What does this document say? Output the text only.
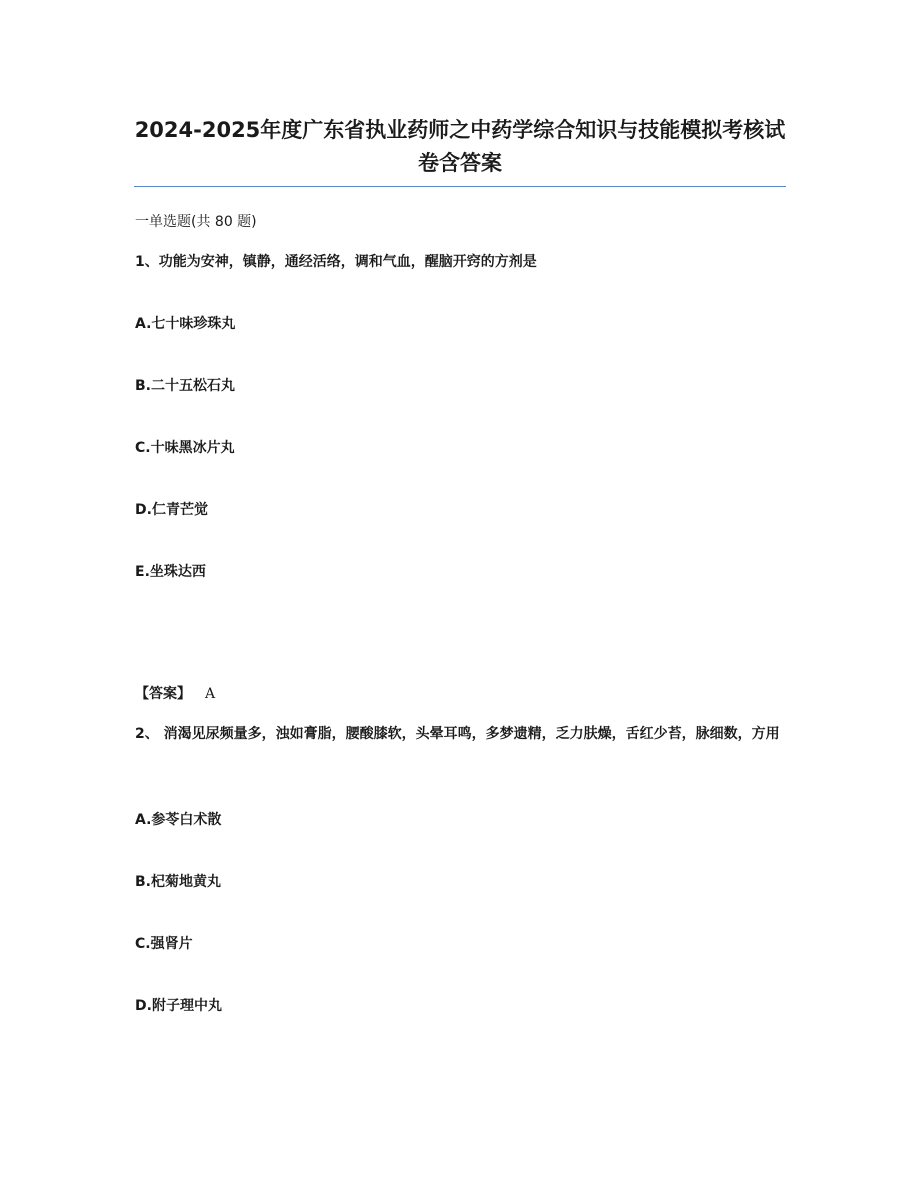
2024-2025年度广东省执业药师之中药学综合知识与技能模拟考核试卷含答案

一单选题(共 80 题)

1、功能为安神，镇静，通经活络，调和气血，醒脑开窍的方剂是

A.七十味珍珠丸

B.二十五松石丸

C.十味黑冰片丸

D.仁青芒觉

E.坐珠达西

【答案】 A

2、 消渴见尿频量多，浊如膏脂，腰酸膝软，头晕耳鸣，多梦遗精，乏力肤燥，舌红少苔，脉细数，方用

A.参苓白术散

B.杞菊地黄丸

C.强肾片

D.附子理中丸
